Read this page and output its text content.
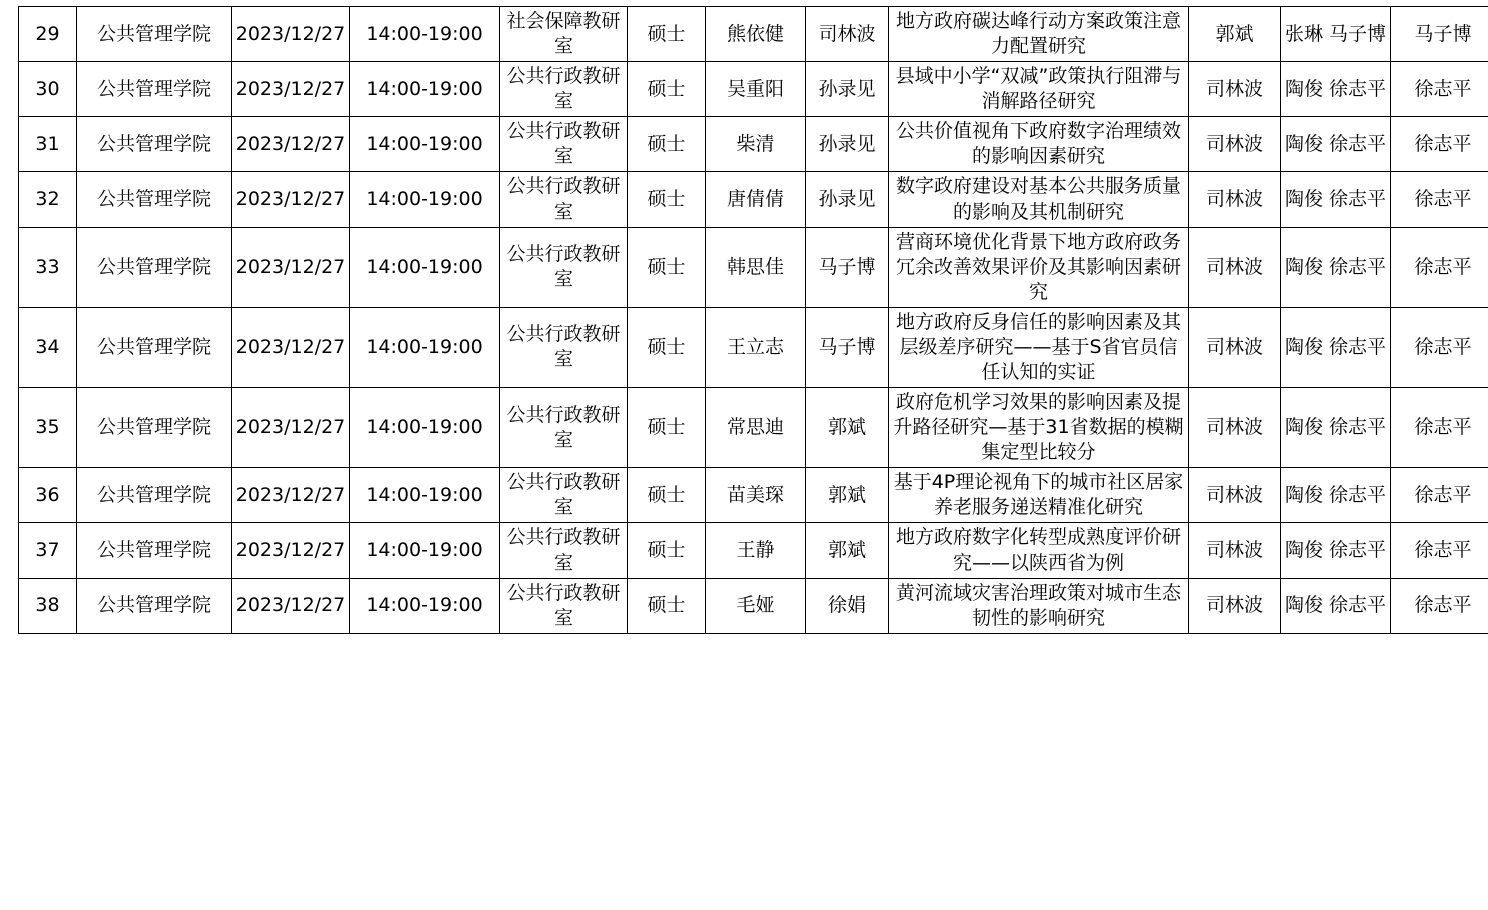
29	公共管理学院	2023/12/27	14:00-19:00	社会保障教研室	硕士	熊依健	司林波	地方政府碳达峰行动方案政策注意力配置研究	郭斌	张琳 马子博	马子博
30	公共管理学院	2023/12/27	14:00-19:00	公共行政教研室	硕士	吴重阳	孙录见	县域中小学“双减”政策执行阻滞与消解路径研究	司林波	陶俊 徐志平	徐志平
31	公共管理学院	2023/12/27	14:00-19:00	公共行政教研室	硕士	柴清	孙录见	公共价值视角下政府数字治理绩效的影响因素研究	司林波	陶俊 徐志平	徐志平
32	公共管理学院	2023/12/27	14:00-19:00	公共行政教研室	硕士	唐倩倩	孙录见	数字政府建设对基本公共服务质量的影响及其机制研究	司林波	陶俊 徐志平	徐志平
33	公共管理学院	2023/12/27	14:00-19:00	公共行政教研室	硕士	韩思佳	马子博	营商环境优化背景下地方政府政务冗余改善效果评价及其影响因素研究	司林波	陶俊 徐志平	徐志平
34	公共管理学院	2023/12/27	14:00-19:00	公共行政教研室	硕士	王立志	马子博	地方政府反身信任的影响因素及其层级差序研究——基于S省官员信任认知的实证	司林波	陶俊 徐志平	徐志平
35	公共管理学院	2023/12/27	14:00-19:00	公共行政教研室	硕士	常思迪	郭斌	政府危机学习效果的影响因素及提升路径研究—基于31省数据的模糊集定型比较分	司林波	陶俊 徐志平	徐志平
36	公共管理学院	2023/12/27	14:00-19:00	公共行政教研室	硕士	苗美琛	郭斌	基于4P理论视角下的城市社区居家养老服务递送精准化研究	司林波	陶俊 徐志平	徐志平
37	公共管理学院	2023/12/27	14:00-19:00	公共行政教研室	硕士	王静	郭斌	地方政府数字化转型成熟度评价研究——以陕西省为例	司林波	陶俊 徐志平	徐志平
38	公共管理学院	2023/12/27	14:00-19:00	公共行政教研室	硕士	毛娅	徐娟	黄河流域灾害治理政策对城市生态韧性的影响研究	司林波	陶俊 徐志平	徐志平
